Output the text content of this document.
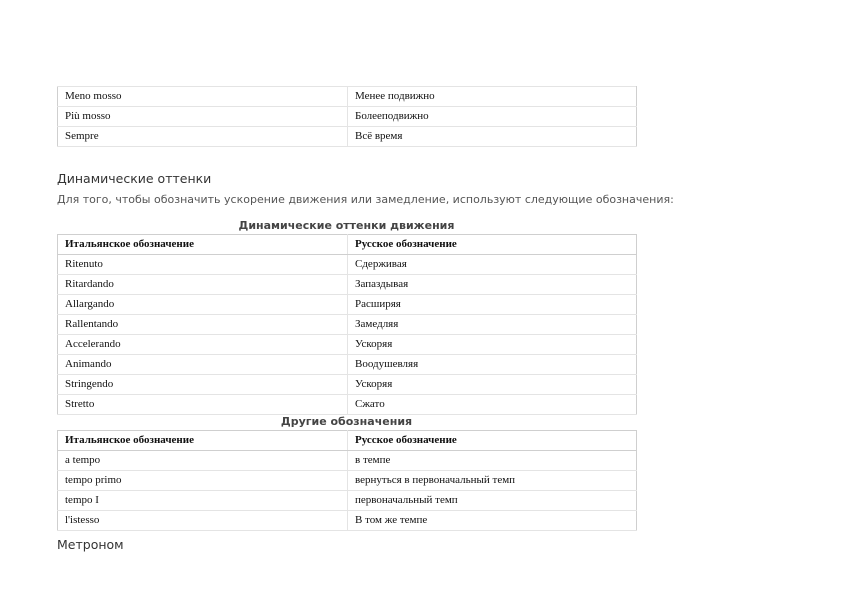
Meno mosso	Менее подвижно
Più mosso	Болееподвижно
Sempre	Всё время
Динамические оттенки
Для того, чтобы обозначить ускорение движения или замедление, используют следующие обозначения:
Динамические оттенки движения
Итальянское обозначение	Русское обозначение
Ritenuto	Сдерживая
Ritardando	Запаздывая
Allargando	Расширяя
Rallentando	Замедляя
Accelerando	Ускоряя
Animando	Воодушевляя
Stringendo	Ускоряя
Stretto	Сжато
Другие обозначения
Итальянское обозначение	Русское обозначение
a tempo	в темпе
tempo primo	вернуться в первоначальный темп
tempo I	первоначальный темп
l'istesso	В том же темпе
Метроном
